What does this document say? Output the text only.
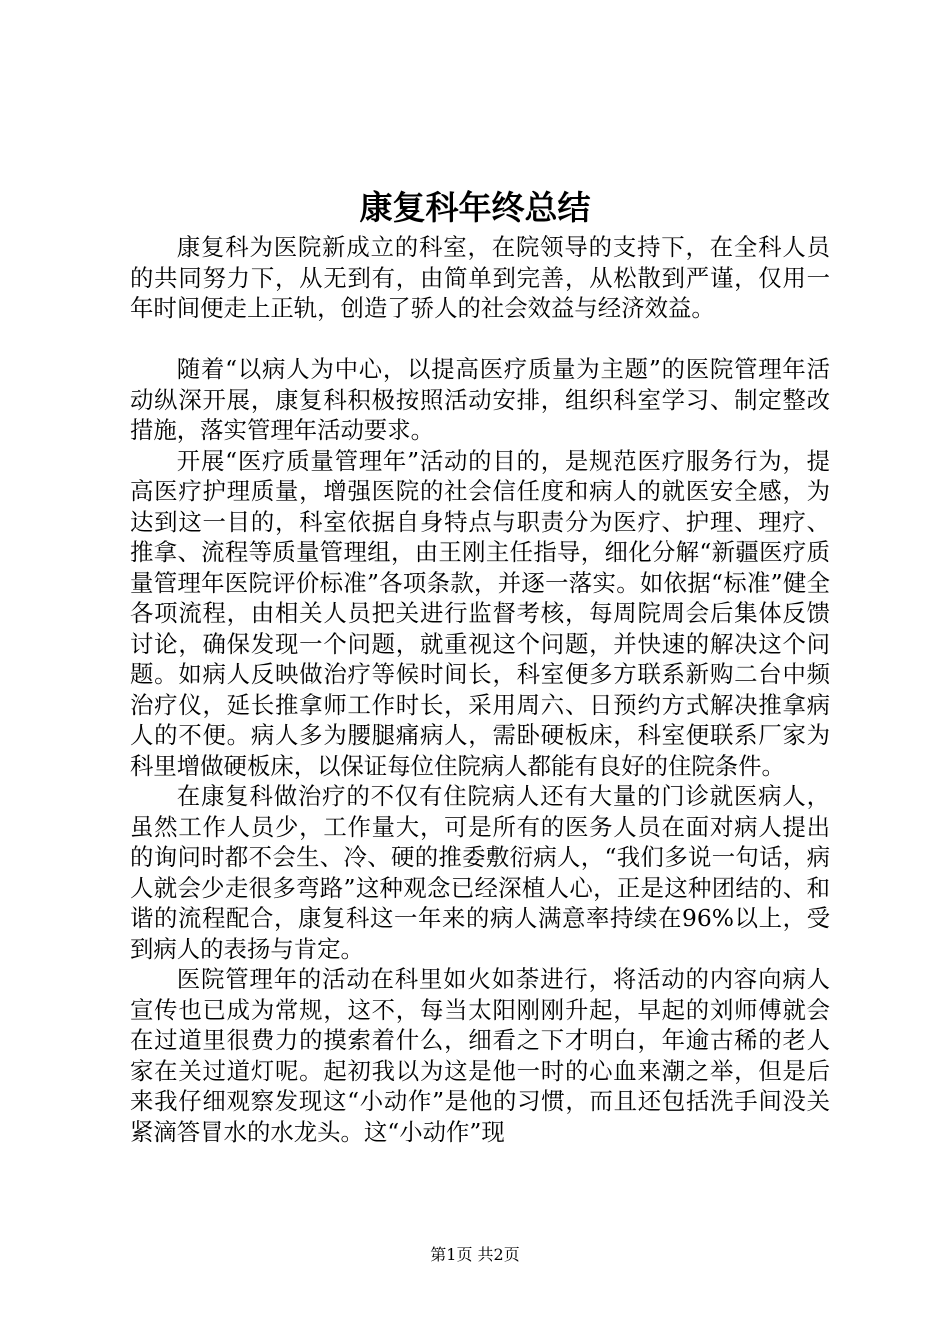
康复科年终总结

康复科为医院新成立的科室，在院领导的支持下，在全科人员的共同努力下，从无到有，由简单到完善，从松散到严谨，仅用一年时间便走上正轨，创造了骄人的社会效益与经济效益。

随着“以病人为中心，以提高医疗质量为主题”的医院管理年活动纵深开展，康复科积极按照活动安排，组织科室学习、制定整改措施，落实管理年活动要求。

开展“医疗质量管理年”活动的目的，是规范医疗服务行为，提高医疗护理质量，增强医院的社会信任度和病人的就医安全感，为达到这一目的，科室依据自身特点与职责分为医疗、护理、理疗、推拿、流程等质量管理组，由王刚主任指导，细化分解“新疆医疗质量管理年医院评价标准”各项条款，并逐一落实。如依据“标准”健全各项流程，由相关人员把关进行监督考核，每周院周会后集体反馈讨论，确保发现一个问题，就重视这个问题，并快速的解决这个问题。如病人反映做治疗等候时间长，科室便多方联系新购二台中频治疗仪，延长推拿师工作时长，采用周六、日预约方式解决推拿病人的不便。病人多为腰腿痛病人，需卧硬板床，科室便联系厂家为科里增做硬板床，以保证每位住院病人都能有良好的住院条件。

在康复科做治疗的不仅有住院病人还有大量的门诊就医病人，虽然工作人员少，工作量大，可是所有的医务人员在面对病人提出的询问时都不会生、冷、硬的推委敷衍病人，“我们多说一句话，病人就会少走很多弯路”这种观念已经深植人心，正是这种团结的、和谐的流程配合，康复科这一年来的病人满意率持续在96%以上，受到病人的表扬与肯定。

医院管理年的活动在科里如火如荼进行，将活动的内容向病人宣传也已成为常规，这不，每当太阳刚刚升起，早起的刘师傅就会在过道里很费力的摸索着什么，细看之下才明白，年逾古稀的老人家在关过道灯呢。起初我以为这是他一时的心血来潮之举，但是后来我仔细观察发现这“小动作”是他的习惯，而且还包括洗手间没关紧滴答冒水的水龙头。这“小动作”现

第1页 共2页
